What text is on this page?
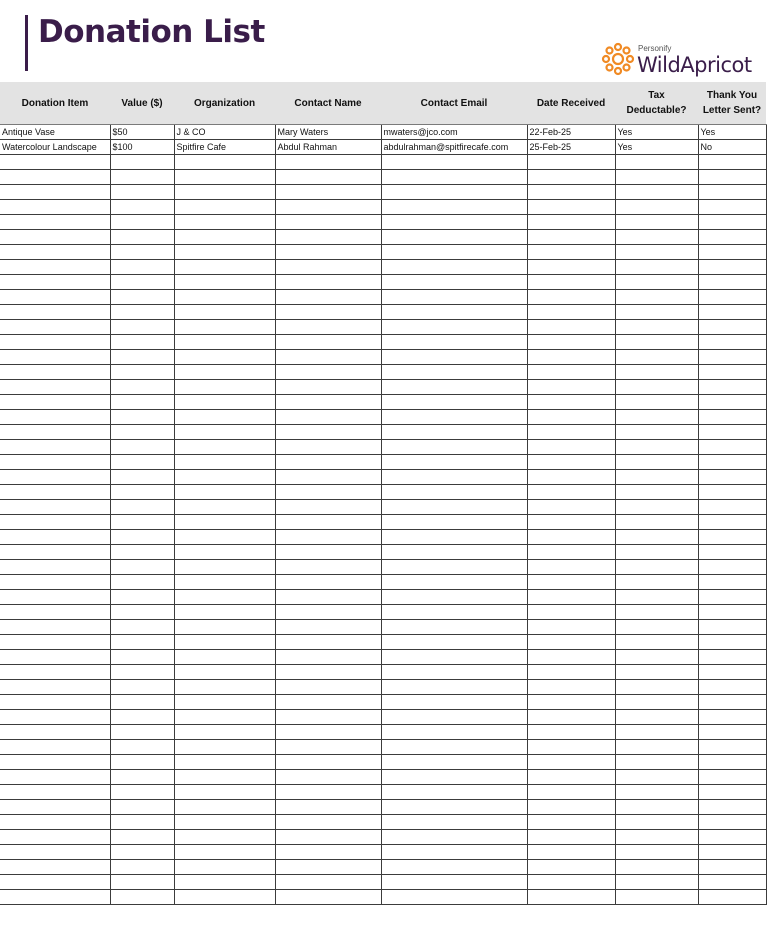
Donation List	Personify
WildApricot
Donation Item	Value ($)	Organization	Contact Name	Contact Email	Date Received	Tax Deductable?	Thank You Letter Sent?
Antique Vase	$50	J & CO	Mary Waters	mwaters@jco.com	22-Feb-25	Yes	Yes
Watercolour Landscape	$100	Spitfire Cafe	Abdul Rahman	abdulrahman@spitfirecafe.com	25-Feb-25	Yes	No
